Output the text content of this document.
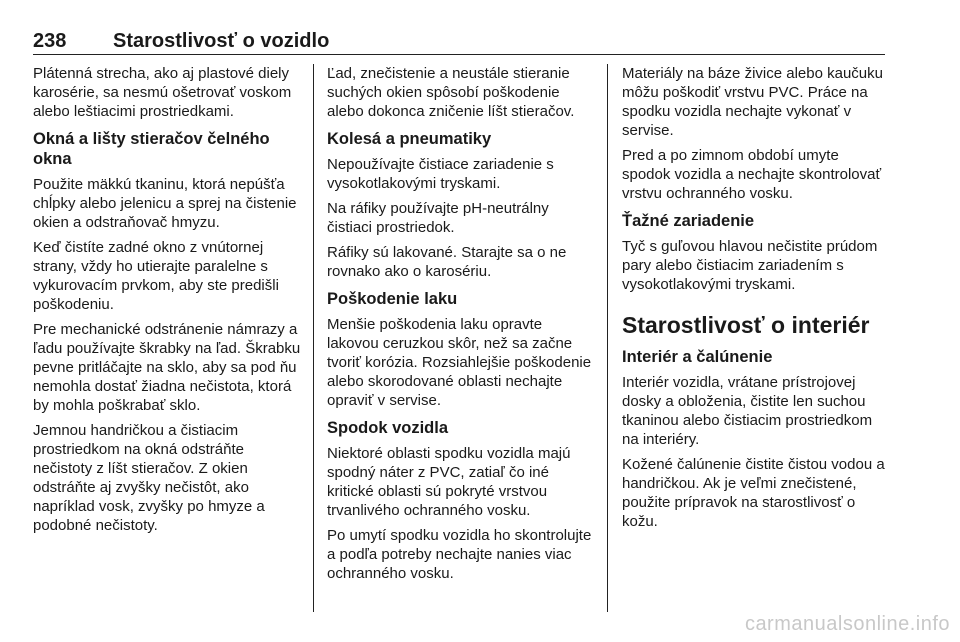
238 Starostlivosť o vozidlo

Plátenná strecha, ako aj plastové diely karosérie, sa nesmú ošetrovať voskom alebo leštiacimi prostriedkami.

Okná a lišty stieračov čelného okna

Použite mäkkú tkaninu, ktorá nepúšťa chĺpky alebo jelenicu a sprej na čistenie okien a odstraňovač hmyzu.

Keď čistíte zadné okno z vnútornej strany, vždy ho utierajte paralelne s vykurovacím prvkom, aby ste predišli poškodeniu.

Pre mechanické odstránenie námrazy a ľadu používajte škrabky na ľad. Škrabku pevne pritláčajte na sklo, aby sa pod ňu nemohla dostať žiadna nečistota, ktorá by mohla poškrabať sklo.

Jemnou handričkou a čistiacim prostriedkom na okná odstráňte nečistoty z líšt stieračov. Z okien odstráňte aj zvyšky nečistôt, ako napríklad vosk, zvyšky po hmyze a podobné nečistoty.

Ľad, znečistenie a neustále stieranie suchých okien spôsobí poškodenie alebo dokonca zničenie líšt stieračov.

Kolesá a pneumatiky

Nepoužívajte čistiace zariadenie s vysokotlakovými tryskami.

Na ráfiky používajte pH-neutrálny čistiaci prostriedok.

Ráfiky sú lakované. Starajte sa o ne rovnako ako o karosériu.

Poškodenie laku

Menšie poškodenia laku opravte lakovou ceruzkou skôr, než sa začne tvoriť korózia. Rozsiahlejšie poškodenie alebo skorodované oblasti nechajte opraviť v servise.

Spodok vozidla

Niektoré oblasti spodku vozidla majú spodný náter z PVC, zatiaľ čo iné kritické oblasti sú pokryté vrstvou trvanlivého ochranného vosku.

Po umytí spodku vozidla ho skontrolujte a podľa potreby nechajte nanies viac ochranného vosku.

Materiály na báze živice alebo kaučuku môžu poškodiť vrstvu PVC. Práce na spodku vozidla nechajte vykonať v servise.

Pred a po zimnom období umyte spodok vozidla a nechajte skontrolovať vrstvu ochranného vosku.

Ťažné zariadenie

Tyč s guľovou hlavou nečistite prúdom pary alebo čistiacim zariadením s vysokotlakovými tryskami.

Starostlivosť o interiér
Interiér a čalúnenie

Interiér vozidla, vrátane prístrojovej dosky a obloženia, čistite len suchou tkaninou alebo čistiacim prostriedkom na interiéry.

Kožené čalúnenie čistite čistou vodou a handričkou. Ak je veľmi znečistené, použite prípravok na starostlivosť o kožu.

carmanualsonline.info
